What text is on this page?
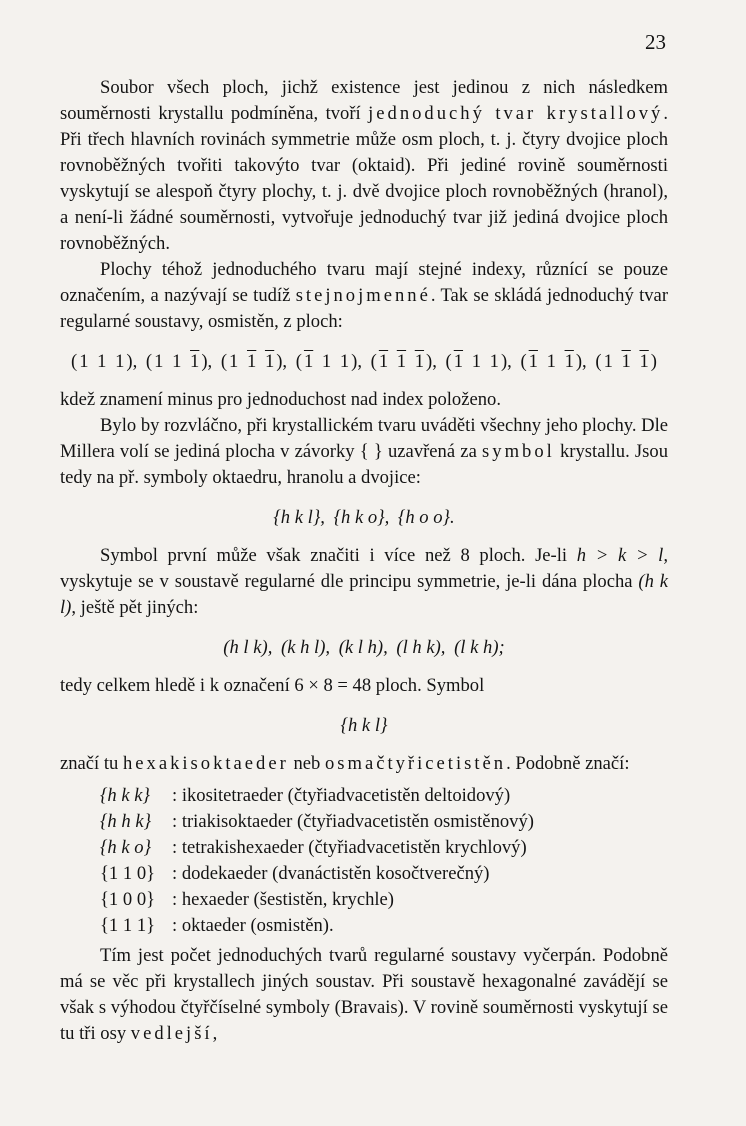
23

Soubor všech ploch, jichž existence jest jedinou z nich následkem souměrnosti krystallu podmíněna, tvoří jednoduchý tvar krystallový. Při třech hlavních rovinách symmetrie může osm ploch, t. j. čtyry dvojice ploch rovnoběžných tvořiti takovýto tvar (oktaid). Při jediné rovině souměrnosti vyskytují se alespoň čtyry plochy, t. j. dvě dvojice ploch rovnoběžných (hranol), a není-li žádné souměrnosti, vytvořuje jednoduchý tvar již jediná dvojice ploch rovnoběžných.

Plochy téhož jednoduchého tvaru mají stejné indexy, různící se pouze označením, a nazývají se tudíž stejnojmenné. Tak se skládá jednoduchý tvar regularné soustavy, osmistěn, z ploch:

( 1 1 1 ), ( 1 1 1 ), ( 1 1 1 ), ( 1 1 1 ), ( 1 1 1 ), ( 1 1 1 ), ( 1 1 1 ), ( 1 1 1 )

kdež znamení minus pro jednoduchost nad index položeno.

Bylo by rozvláčno, při krystallickém tvaru uváděti všechny jeho plochy. Dle Millera volí se jediná plocha v závorky { } uzavřená za symbol krystallu. Jsou tedy na př. symboly oktaedru, hranolu a dvojice:

{h k l}, {h k o}, {h o o}.

Symbol první může však značiti i více než 8 ploch. Je-li h > k > l, vyskytuje se v soustavě regularné dle principu symmetrie, je-li dána plocha (h k l), ještě pět jiných:

(h l k), (k h l), (k l h), (l h k), (l k h);

tedy celkem hledě i k označení 6 × 8 = 48 ploch. Symbol

{h k l}

značí tu hexakisoktaeder neb osmačtyřicetistěn. Podobně značí:

{h k k} : ikositetraeder (čtyřiadvacetistěn deltoidový)
{h h k} : triakisoktaeder (čtyřiadvacetistěn osmistěnový)
{h k o} : tetrakishexaeder (čtyřiadvacetistěn krychlový)
{1 1 0} : dodekaeder (dvanáctistěn kosočtverečný)
{1 0 0} : hexaeder (šestistěn, krychle)
{1 1 1} : oktaeder (osmistěn).

Tím jest počet jednoduchých tvarů regularné soustavy vyčerpán. Podobně má se věc při krystallech jiných soustav. Při soustavě hexagonalné zavádějí se však s výhodou čtyřčíselné symboly (Bravais). V rovině souměrnosti vyskytují se tu tři osy vedlejší,
